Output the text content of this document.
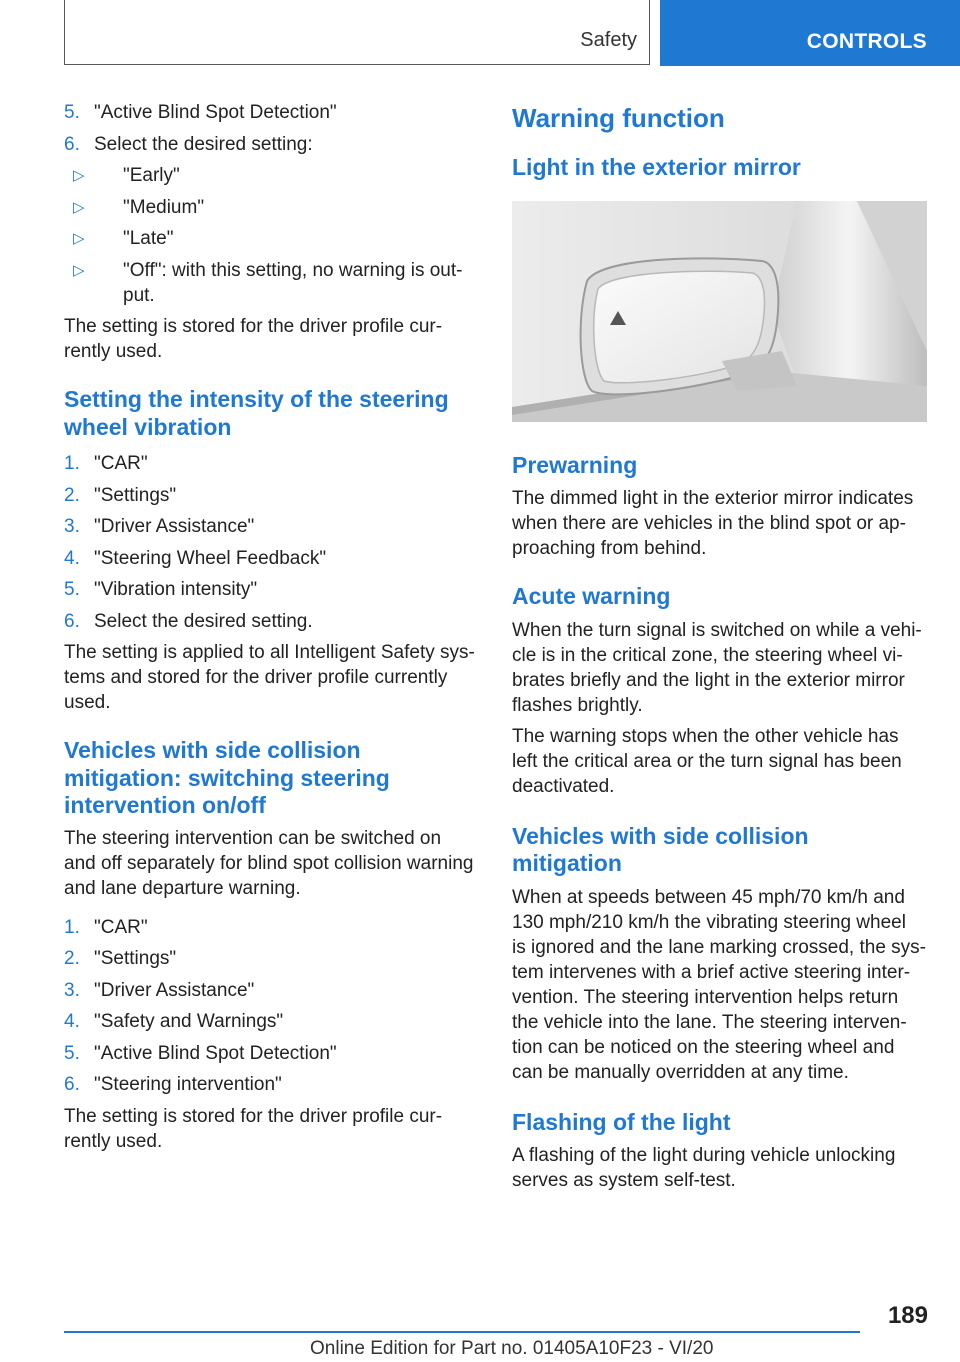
Safety	CONTROLS
5. "Active Blind Spot Detection"
6. Select the desired setting:
▷ "Early"
▷ "Medium"
▷ "Late"
▷ "Off": with this setting, no warning is out-
put.

The setting is stored for the driver profile cur-
rently used.

Setting the intensity of the steering
wheel vibration
1. "CAR"
2. "Settings"
3. "Driver Assistance"
4. "Steering Wheel Feedback"
5. "Vibration intensity"
6. Select the desired setting.

The setting is applied to all Intelligent Safety sys-
tems and stored for the driver profile currently
used.

Vehicles with side collision
mitigation: switching steering
intervention on/off

The steering intervention can be switched on
and off separately for blind spot collision warning
and lane departure warning.

1. "CAR"
2. "Settings"
3. "Driver Assistance"
4. "Safety and Warnings"
5. "Active Blind Spot Detection"
6. "Steering intervention"

The setting is stored for the driver profile cur-
rently used.

Warning function
Light in the exterior mirror
Prewarning

The dimmed light in the exterior mirror indicates
when there are vehicles in the blind spot or ap-
proaching from behind.

Acute warning

When the turn signal is switched on while a vehi-
cle is in the critical zone, the steering wheel vi-
brates briefly and the light in the exterior mirror
flashes brightly.

The warning stops when the other vehicle has
left the critical area or the turn signal has been
deactivated.

Vehicles with side collision
mitigation

When at speeds between 45 mph/70 km/h and
130 mph/210 km/h the vibrating steering wheel
is ignored and the lane marking crossed, the sys-
tem intervenes with a brief active steering inter-
vention. The steering intervention helps return
the vehicle into the lane. The steering interven-
tion can be noticed on the steering wheel and
can be manually overridden at any time.

Flashing of the light

A flashing of the light during vehicle unlocking
serves as system self-test.

189
Online Edition for Part no. 01405A10F23 - VI/20
